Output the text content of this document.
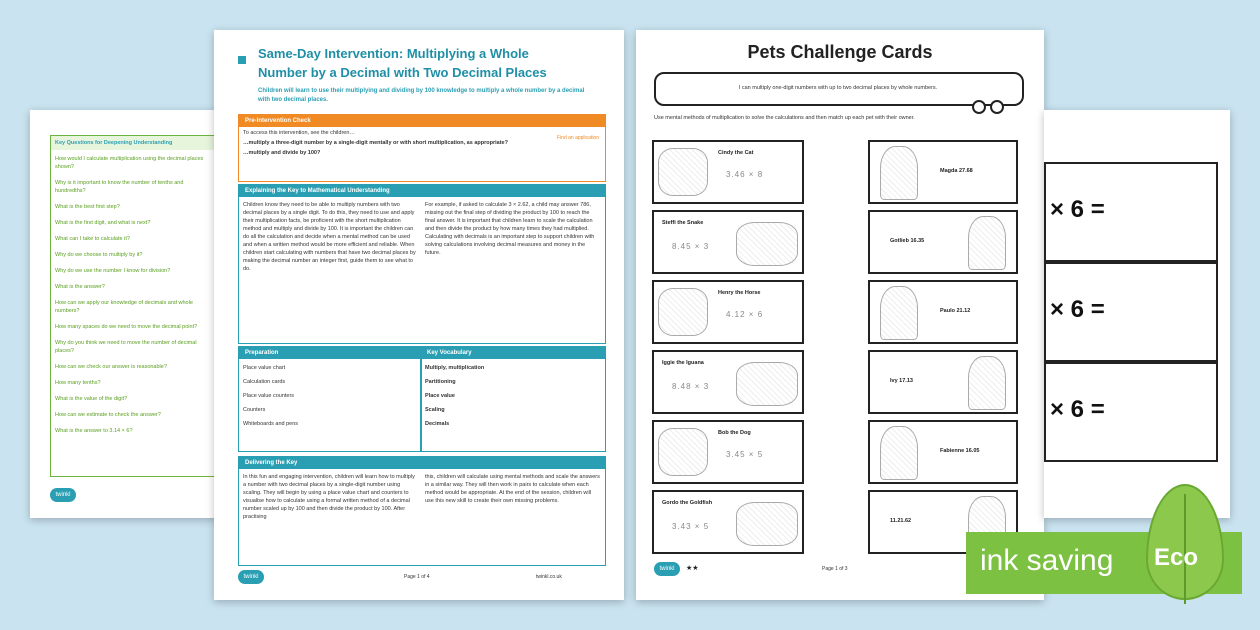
Key Questions for Deepening Understanding
How would I calculate multiplication using the decimal places shown?
Why is it important to know the number of tenths and hundredths?
What is the best first step?
What is the first digit, and what is next?
What can I take to calculate it?
Why do we choose to multiply by it?
Why do we use the number I know for division?
What is the answer?
How can we apply our knowledge of decimals and whole numbers?
How many spaces do we need to move the decimal point?
Why do you think we need to move the number of decimal places?
How can we check our answer is reasonable?
How many tenths?
What is the value of the digit?
How can we estimate to check the answer?
What is the answer to 3.14 × 6?
twinkl
Same-Day Intervention: Multiplying a Whole
Number by a Decimal with Two Decimal Places
Children will learn to use their multiplying and dividing by 100 knowledge to multiply a whole number by a decimal with two decimal places.
Pre-Intervention Check
To access this intervention, see the children…
Find an application
…multiply a three-digit number by a single-digit mentally or with short multiplication, as appropriate?
…multiply and divide by 100?
Explaining the Key to Mathematical Understanding
Children know they need to be able to multiply numbers with two decimal places by a single digit. To do this, they need to use and apply their multiplication facts, be proficient with the short multiplication method and multiply and divide by 100. It is important the children can do all the calculation and decide when a mental method can be used and when a written method would be more efficient and reliable. When children start calculating with numbers that have two decimal places by making the decimal number an integer first, guide them to see what to do.
For example, if asked to calculate 3 × 2.62, a child may answer 786, missing out the final step of dividing the product by 100 to reach the final answer. It is important that children learn to scale the calculation and then divide the product by how many times they had multiplied. Calculating with decimals is an important step to support children with solving calculations involving decimal measures and money in the future.
Preparation
Place value chart
Calculation cards
Place value counters
Counters
Whiteboards and pens
Key Vocabulary
Multiply, multiplication
Partitioning
Place value
Scaling
Decimals
Delivering the Key
In this fun and engaging intervention, children will learn how to multiply a number with two decimal places by a single-digit number using scaling. They will begin by using a place value chart and counters to visualise how to calculate using a formal written method of a decimal number scaled up by 100 and then divide the product by 100. After practising
this, children will calculate using mental methods and scale the answers in a similar way. They will then work in pairs to calculate when each method would be appropriate. At the end of the session, children will use this new skill to create their own missing problems.
twinkl	Page 1 of 4	twinkl.co.uk
Pets Challenge Cards
I can multiply one-digit numbers with up to two decimal places by whole numbers.

Use mental methods of multiplication to solve the calculations and then match up each pet with their owner.
Cindy the Cat
3.46 × 8
Steffi the Snake
8.45 × 3
Henry the Horse
4.12 × 6
Iggie the Iguana
8.48 × 3
Bob the Dog
3.45 × 5
Gordo the Goldfish
3.43 × 5
Magda 27.68
Gotlieb 16.35
Paulo 21.12
Ivy 17.13
Fabienne 16.05
11.21.62
twinkl	★★	Page 1 of 3
× 6 =
× 6 =
× 6 =
ink saving Eco
